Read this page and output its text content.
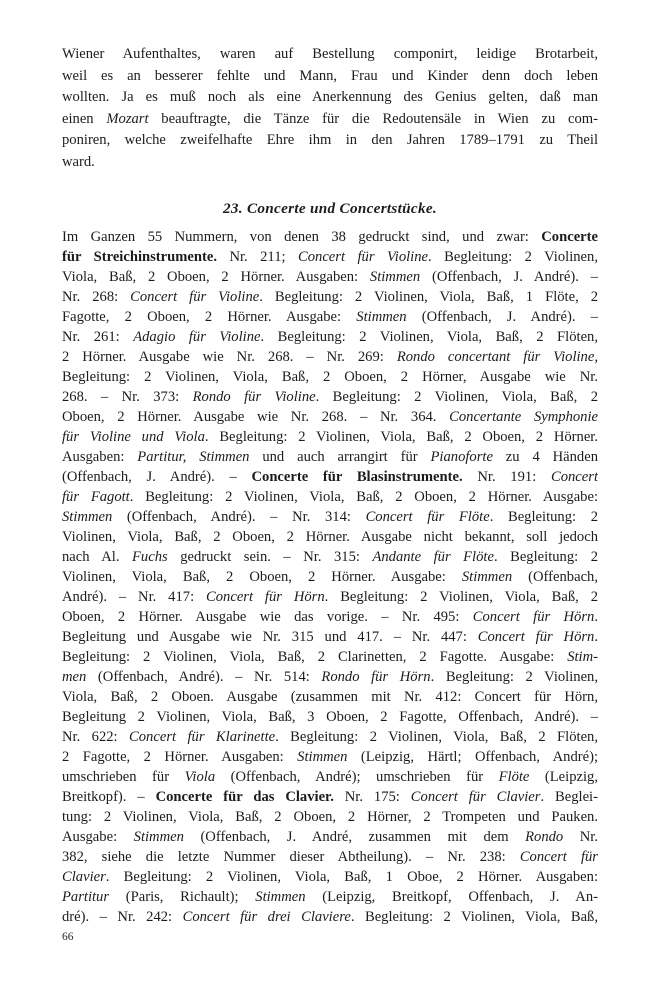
Wiener Aufenthaltes, waren auf Bestellung componirt, leidige Brotarbeit,
weil es an besserer fehlte und Mann, Frau und Kinder denn doch leben
wollten. Ja es muß noch als eine Anerkennung des Genius gelten, daß man
einen Mozart beauftragte, die Tänze für die Redoutensäle in Wien zu com-
poniren, welche zweifelhafte Ehre ihm in den Jahren 1789–1791 zu Theil
ward.
23. Concerte und Concertstücke.
Im Ganzen 55 Nummern, von denen 38 gedruckt sind, und zwar: Concerte
für Streichinstrumente. Nr. 211; Concert für Violine. Begleitung: 2 Violinen,
Viola, Baß, 2 Oboen, 2 Hörner. Ausgaben: Stimmen (Offenbach, J. André). –
Nr. 268: Concert für Violine. Begleitung: 2 Violinen, Viola, Baß, 1 Flöte, 2
Fagotte, 2 Oboen, 2 Hörner. Ausgabe: Stimmen (Offenbach, J. André). –
Nr. 261: Adagio für Violine. Begleitung: 2 Violinen, Viola, Baß, 2 Flöten,
2 Hörner. Ausgabe wie Nr. 268. – Nr. 269: Rondo concertant für Violine,
Begleitung: 2 Violinen, Viola, Baß, 2 Oboen, 2 Hörner, Ausgabe wie Nr.
268. – Nr. 373: Rondo für Violine. Begleitung: 2 Violinen, Viola, Baß, 2
Oboen, 2 Hörner. Ausgabe wie Nr. 268. – Nr. 364. Concertante Symphonie
für Violine und Viola. Begleitung: 2 Violinen, Viola, Baß, 2 Oboen, 2 Hörner.
Ausgaben: Partitur, Stimmen und auch arrangirt für Pianoforte zu 4 Händen
(Offenbach, J. André). – Concerte für Blasinstrumente. Nr. 191: Concert
für Fagott. Begleitung: 2 Violinen, Viola, Baß, 2 Oboen, 2 Hörner. Ausgabe:
Stimmen (Offenbach, André). – Nr. 314: Concert für Flöte. Begleitung: 2
Violinen, Viola, Baß, 2 Oboen, 2 Hörner. Ausgabe nicht bekannt, soll jedoch
nach Al. Fuchs gedruckt sein. – Nr. 315: Andante für Flöte. Begleitung: 2
Violinen, Viola, Baß, 2 Oboen, 2 Hörner. Ausgabe: Stimmen (Offenbach,
André). – Nr. 417: Concert für Hörn. Begleitung: 2 Violinen, Viola, Baß, 2
Oboen, 2 Hörner. Ausgabe wie das vorige. – Nr. 495: Concert für Hörn.
Begleitung und Ausgabe wie Nr. 315 und 417. – Nr. 447: Concert für Hörn.
Begleitung: 2 Violinen, Viola, Baß, 2 Clarinetten, 2 Fagotte. Ausgabe: Stim-
men (Offenbach, André). – Nr. 514: Rondo für Hörn. Begleitung: 2 Violinen,
Viola, Baß, 2 Oboen. Ausgabe (zusammen mit Nr. 412: Concert für Hörn,
Begleitung 2 Violinen, Viola, Baß, 3 Oboen, 2 Fagotte, Offenbach, André). –
Nr. 622: Concert für Klarinette. Begleitung: 2 Violinen, Viola, Baß, 2 Flöten,
2 Fagotte, 2 Hörner. Ausgaben: Stimmen (Leipzig, Härtl; Offenbach, André);
umschrieben für Viola (Offenbach, André); umschrieben für Flöte (Leipzig,
Breitkopf). – Concerte für das Clavier. Nr. 175: Concert für Clavier. Beglei-
tung: 2 Violinen, Viola, Baß, 2 Oboen, 2 Hörner, 2 Trompeten und Pauken.
Ausgabe: Stimmen (Offenbach, J. André, zusammen mit dem Rondo Nr.
382, siehe die letzte Nummer dieser Abtheilung). – Nr. 238: Concert für
Clavier. Begleitung: 2 Violinen, Viola, Baß, 1 Oboe, 2 Hörner. Ausgaben:
Partitur (Paris, Richault); Stimmen (Leipzig, Breitkopf, Offenbach, J. An-
dré). – Nr. 242: Concert für drei Claviere. Begleitung: 2 Violinen, Viola, Baß,
66
